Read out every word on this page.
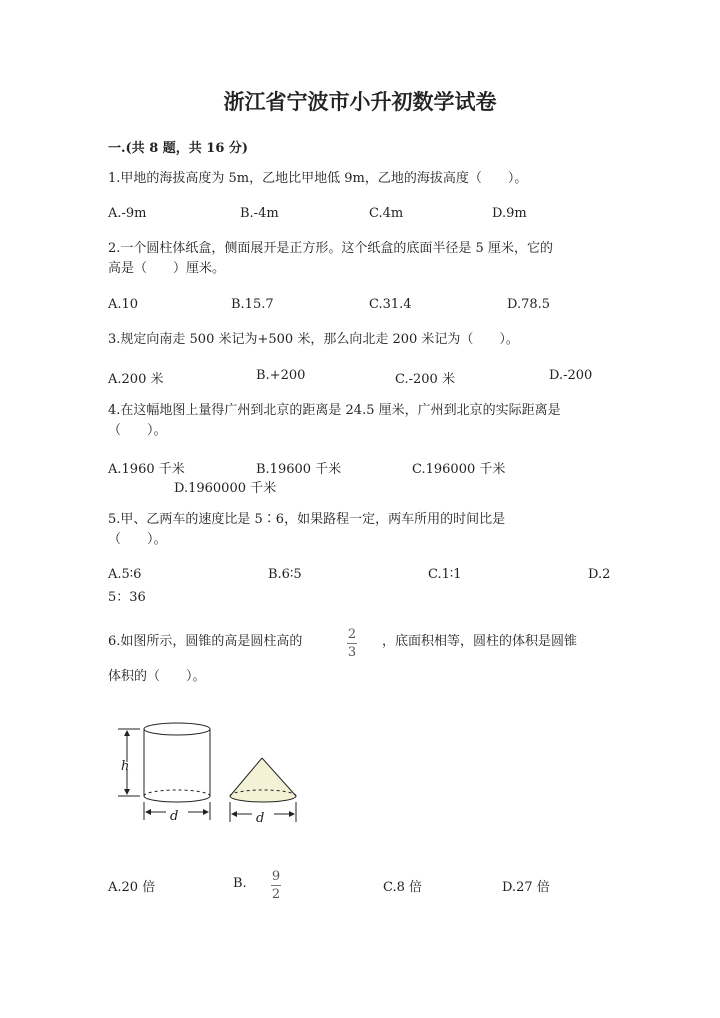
浙江省宁波市小升初数学试卷
一.(共 8 题，共 16 分)
1.甲地的海拔高度为 5m，乙地比甲地低 9m，乙地的海拔高度（　　）。
A.-9m	B.-4m	C.4m	D.9m
2.一个圆柱体纸盒，侧面展开是正方形。这个纸盒的底面半径是 5 厘米，它的
高是（　　）厘米。
A.10	B.15.7	C.31.4	D.78.5
3.规定向南走 500 米记为+500 米，那么向北走 200 米记为（　　）。
A.200 米	B.+200	C.-200 米	D.-200
4.在这幅地图上量得广州到北京的距离是 24.5 厘米，广州到北京的实际距离是
（　　）。
A.1960 千米	B.19600 千米	C.196000 千米
D.1960000 千米
5.甲、乙两车的速度比是 5∶6，如果路程一定，两车所用的时间比是
（　　）。
A.5∶6	B.6∶5	C.1∶1	D.2
5：36
6.如图所示，圆锥的高是圆柱高的	2
3
，底面积相等，圆柱的体积是圆锥
体积的（　　）。
h
d	d
A.20 倍	B. 9
2	C.8 倍	D.27 倍
